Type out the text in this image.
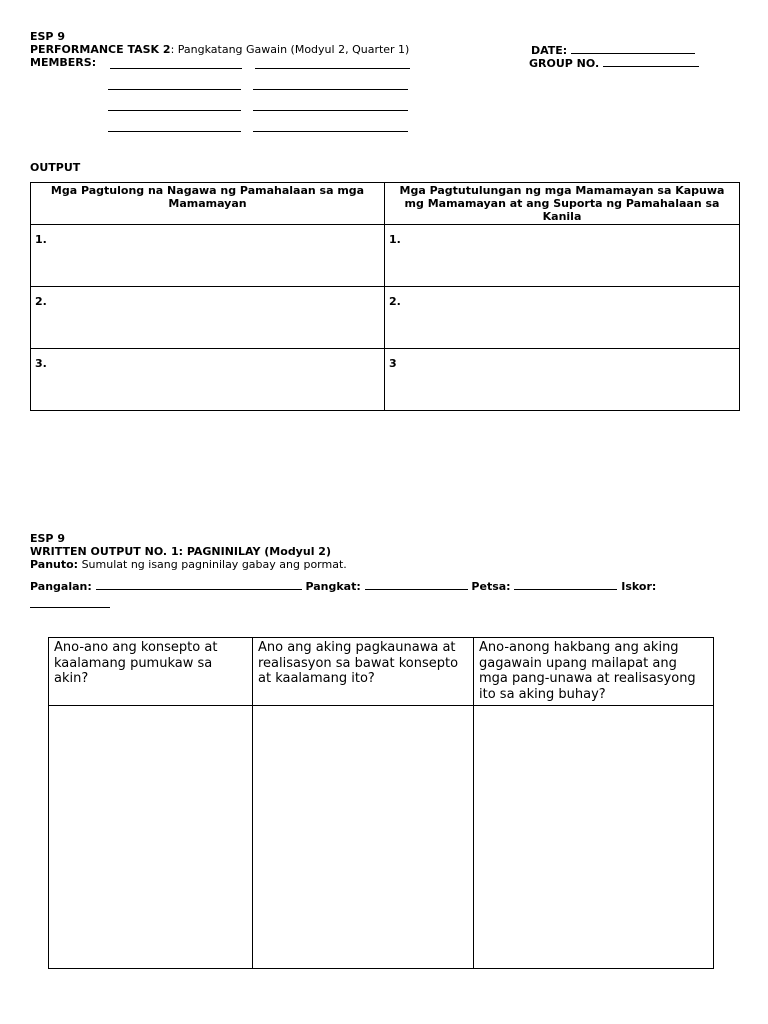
ESP 9
PERFORMANCE TASK 2: Pangkatang Gawain (Modyul 2, Quarter 1)	DATE:
MEMBERS:	GROUP NO.
OUTPUT
Mga Pagtulong na Nagawa ng Pamahalaan sa mga Mamamayan	Mga Pagtutulungan ng mga Mamamayan sa Kapuwa mg Mamamayan at ang Suporta ng Pamahalaan sa Kanila
1.	1.
2.	2.
3.	3
ESP 9
WRITTEN OUTPUT NO. 1: PAGNINILAY (Modyul 2)
Panuto: Sumulat ng isang pagninilay gabay ang pormat.
Pangalan:	Pangkat:	Petsa:	Iskor:
Ano-ano ang konsepto at kaalamang pumukaw sa akin?	Ano ang aking pagkaunawa at realisasyon sa bawat konsepto at kaalamang ito?	Ano-anong hakbang ang aking gagawain upang mailapat ang mga pang-unawa at realisasyong ito sa aking buhay?
